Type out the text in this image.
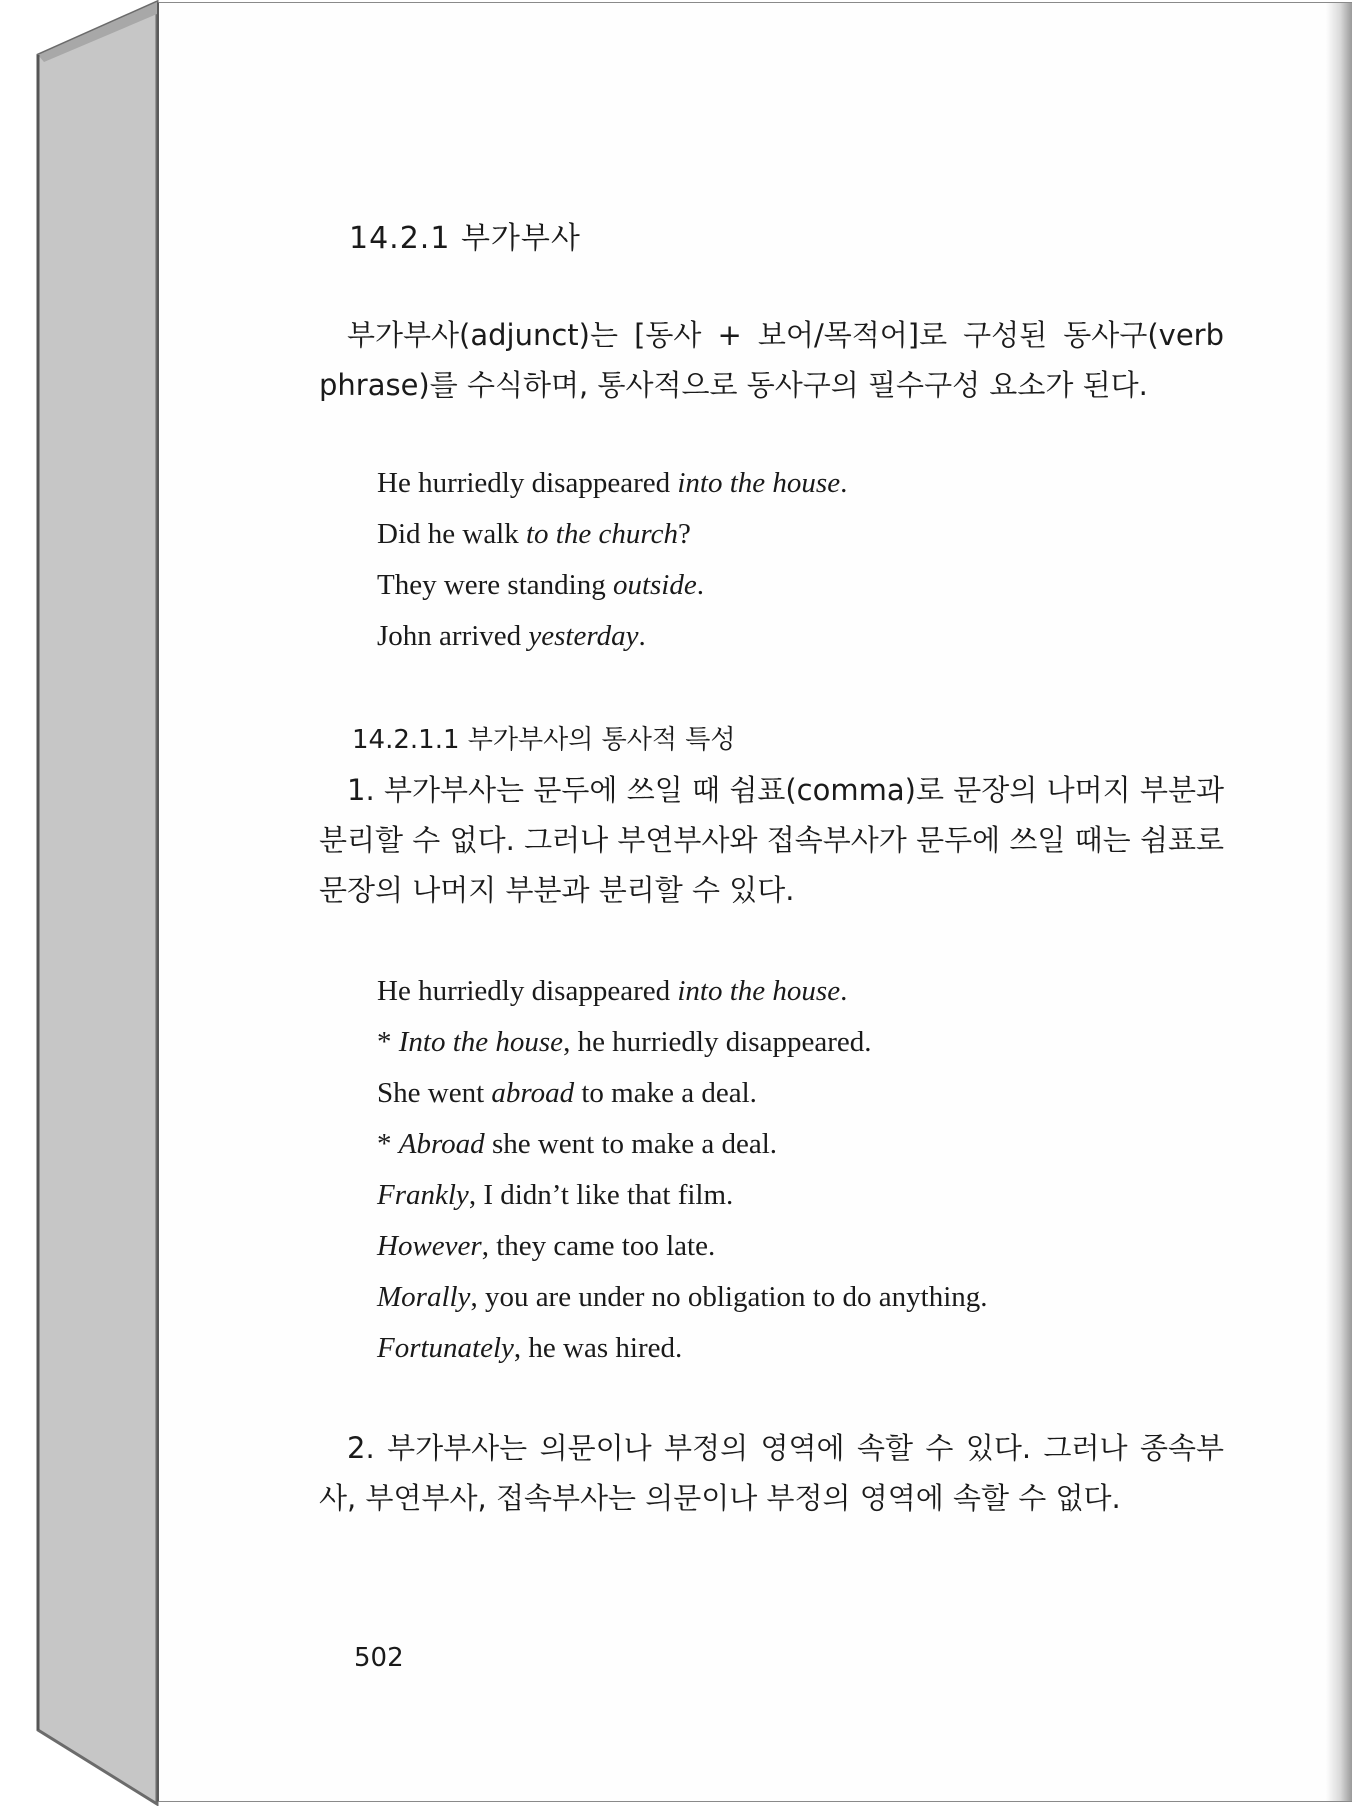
14.2.1 부가부사

부가부사(adjunct)는 [동사 + 보어/목적어]로 구성된 동사구(verb phrase)를 수식하며, 통사적으로 동사구의 필수구성 요소가 된다.

He hurriedly disappeared into the house.
Did he walk to the church?
They were standing outside.
John arrived yesterday.
14.2.1.1 부가부사의 통사적 특성

1. 부가부사는 문두에 쓰일 때 쉼표(comma)로 문장의 나머지 부분과 분리할 수 없다. 그러나 부연부사와 접속부사가 문두에 쓰일 때는 쉼표로 문장의 나머지 부분과 분리할 수 있다.

He hurriedly disappeared into the house.
* Into the house, he hurriedly disappeared.
She went abroad to make a deal.
* Abroad she went to make a deal.
Frankly, I didn’t like that film.
However, they came too late.
Morally, you are under no obligation to do anything.
Fortunately, he was hired.

2. 부가부사는 의문이나 부정의 영역에 속할 수 있다. 그러나 종속부사, 부연부사, 접속부사는 의문이나 부정의 영역에 속할 수 없다.

502
